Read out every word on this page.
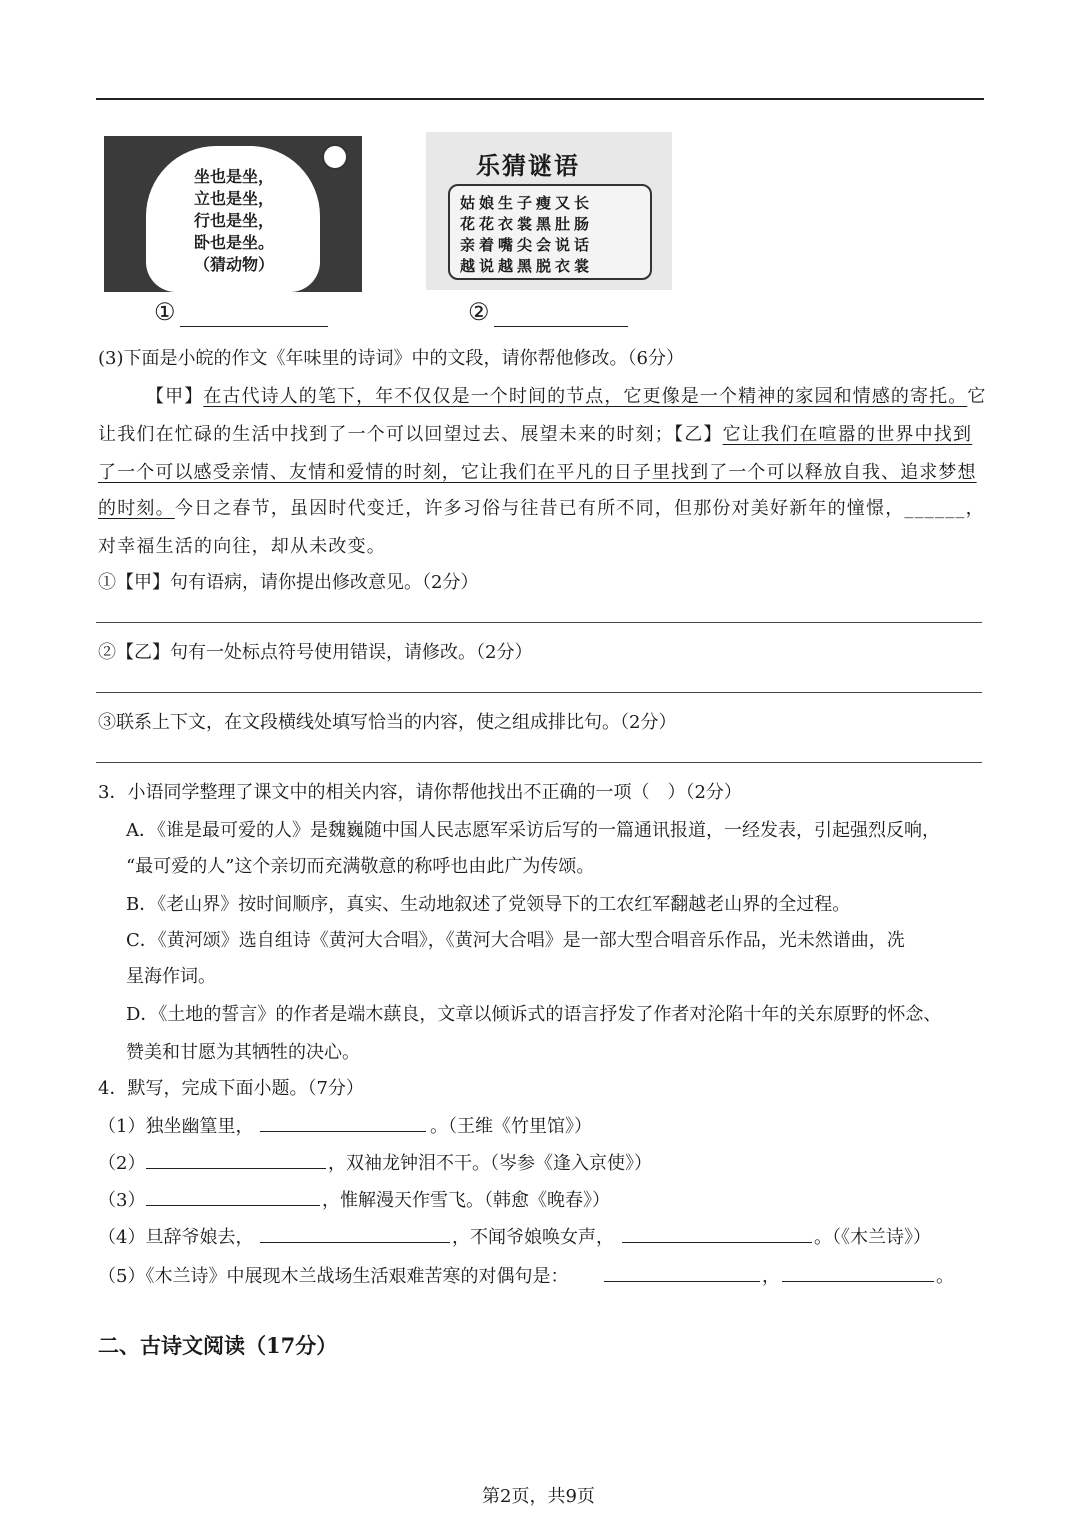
坐也是坐，
立也是坐，
行也是坐，
卧也是坐。
（猜动物）
乐猜谜语
姑娘生子瘦又长
花花衣裳黑肚肠
亲着嘴尖会说话
越说越黑脱衣裳
①	②
(3)下面是小皖的作文《年味里的诗词》中的文段，请你帮他修改。（6分）
【甲】在古代诗人的笔下，年不仅仅是一个时间的节点，它更像是一个精神的家园和情感的寄托。它
让我们在忙碌的生活中找到了一个可以回望过去、展望未来的时刻；【乙】它让我们在喧嚣的世界中找到
了一个可以感受亲情、友情和爱情的时刻，它让我们在平凡的日子里找到了一个可以释放自我、追求梦想
的时刻。今日之春节，虽因时代变迁，许多习俗与往昔已有所不同，但那份对美好新年的憧憬，______，
对幸福生活的向往，却从未改变。
①【甲】句有语病，请你提出修改意见。（2分）
②【乙】句有一处标点符号使用错误，请修改。（2分）
③联系上下文，在文段横线处填写恰当的内容，使之组成排比句。（2分）
3．小语同学整理了课文中的相关内容，请你帮他找出不正确的一项（　）（2分）
A．《谁是最可爱的人》是魏巍随中国人民志愿军采访后写的一篇通讯报道，一经发表，引起强烈反响，
“最可爱的人”这个亲切而充满敬意的称呼也由此广为传颂。
B．《老山界》按时间顺序，真实、生动地叙述了党领导下的工农红军翻越老山界的全过程。
C．《黄河颂》选自组诗《黄河大合唱》，《黄河大合唱》是一部大型合唱音乐作品，光未然谱曲，冼
星海作词。
D．《土地的誓言》的作者是端木蕻良，文章以倾诉式的语言抒发了作者对沦陷十年的关东原野的怀念、
赞美和甘愿为其牺牲的决心。
4．默写，完成下面小题。（7分）
（1）独坐幽篁里，	。（王维《竹里馆》）
（2）	，双袖龙钟泪不干。（岑参《逢入京使》）
（3）	，惟解漫天作雪飞。（韩愈《晚春》）
（4）旦辞爷娘去，	，不闻爷娘唤女声，	。（《木兰诗》）
（5）《木兰诗》中展现木兰战场生活艰难苦寒的对偶句是：	，	。
二、古诗文阅读（17分）
第2页，共9页
